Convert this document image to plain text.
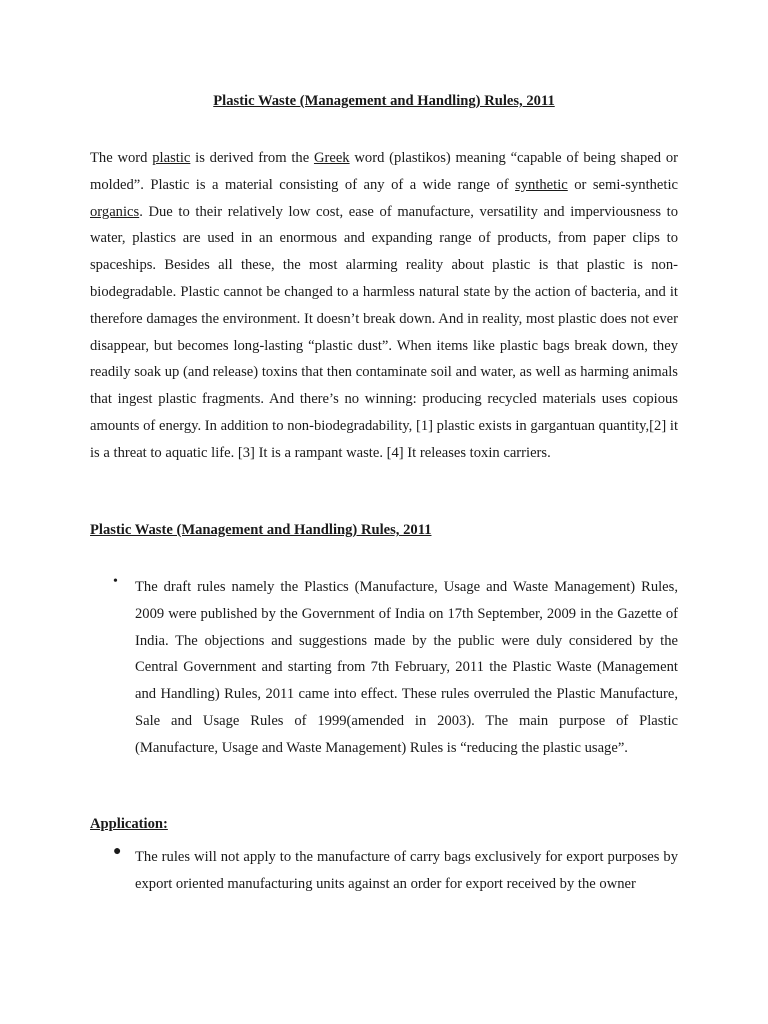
Plastic Waste (Management and Handling) Rules, 2011

The word plastic is derived from the Greek word (plastikos) meaning “capable of being shaped or molded”. Plastic is a material consisting of any of a wide range of synthetic or semi-synthetic organics. Due to their relatively low cost, ease of manufacture, versatility and imperviousness to water, plastics are used in an enormous and expanding range of products, from paper clips to spaceships. Besides all these, the most alarming reality about plastic is that plastic is non-biodegradable. Plastic cannot be changed to a harmless natural state by the action of bacteria, and it therefore damages the environment. It doesn’t break down. And in reality, most plastic does not ever disappear, but becomes long-lasting “plastic dust”. When items like plastic bags break down, they readily soak up (and release) toxins that then contaminate soil and water, as well as harming animals that ingest plastic fragments. And there’s no winning: producing recycled materials uses copious amounts of energy. In addition to non-biodegradability, [1] plastic exists in gargantuan quantity,[2] it is a threat to aquatic life. [3] It is a rampant waste. [4] It releases toxin carriers.

Plastic Waste (Management and Handling) Rules, 2011

• The draft rules namely the Plastics (Manufacture, Usage and Waste Management) Rules, 2009 were published by the Government of India on 17th September, 2009 in the Gazette of India. The objections and suggestions made by the public were duly considered by the Central Government and starting from 7th February, 2011 the Plastic Waste (Management and Handling) Rules, 2011 came into effect. These rules overruled the Plastic Manufacture, Sale and Usage Rules of 1999(amended in 2003). The main purpose of Plastic (Manufacture, Usage and Waste Management) Rules is “reducing the plastic usage”.

Application:

● The rules will not apply to the manufacture of carry bags exclusively for export purposes by export oriented manufacturing units against an order for export received by the owner
